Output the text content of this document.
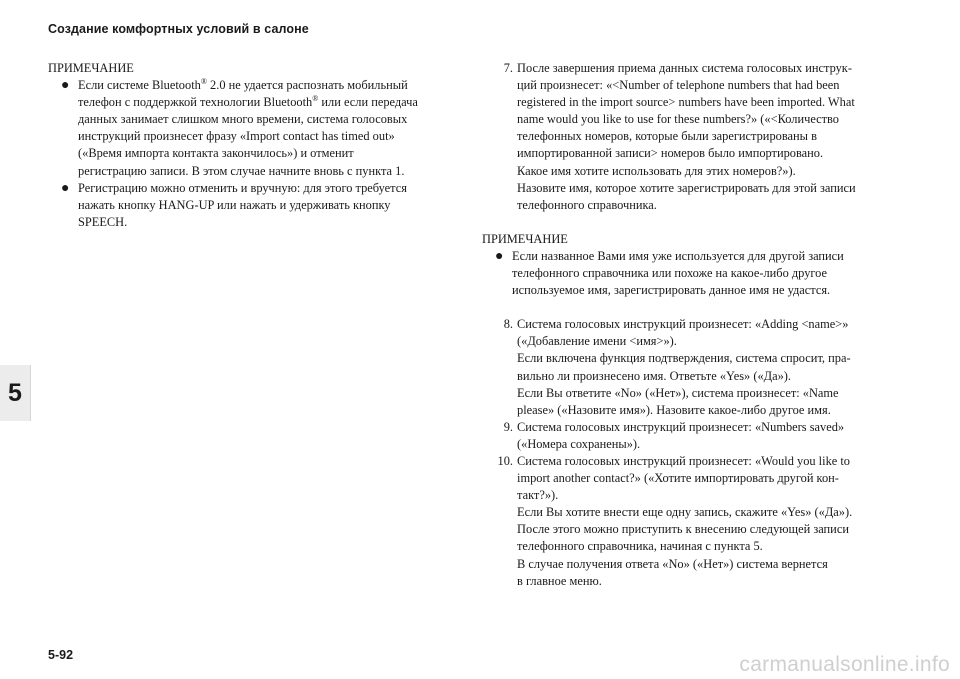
Создание комфортных условий в салоне
5

ПРИМЕЧАНИЕ

● Если системе Bluetooth® 2.0 не удается распознать мобильный
телефон с поддержкой технологии Bluetooth® или если передача
данных занимает слишком много времени, система голосовых
инструкций произнесет фразу «Import contact has timed out»
(«Время импорта контакта закончилось») и отменит
регистрацию записи. В этом случае начните вновь с пункта 1.
● Регистрацию можно отменить и вручную: для этого требуется
нажать кнопку HANG-UP или нажать и удерживать кнопку
SPEECH.
7. После завершения приема данных система голосовых инструк-
ций произнесет: «<Number of telephone numbers that had been
registered in the import source> numbers have been imported. What
name would you like to use for these numbers?» («<Количество
телефонных номеров, которые были зарегистрированы в
импортированной записи> номеров было импортировано.
Какое имя хотите использовать для этих номеров?»).
Назовите имя, которое хотите зарегистрировать для этой записи
телефонного справочника.

ПРИМЕЧАНИЕ

● Если названное Вами имя уже используется для другой записи
телефонного справочника или похоже на какое-либо другое
используемое имя, зарегистрировать данное имя не удастся.
8. Система голосовых инструкций произнесет: «Adding <name>»
(«Добавление имени <имя>»).
Если включена функция подтверждения, система спросит, пра-
вильно ли произнесено имя. Ответьте «Yes» («Да»).
Если Вы ответите «No» («Нет»), система произнесет: «Name
please» («Назовите имя»). Назовите какое-либо другое имя.
9. Система голосовых инструкций произнесет: «Numbers saved»
(«Номера сохранены»).
10. Система голосовых инструкций произнесет: «Would you like to
import another contact?» («Хотите импортировать другой кон-
такт?»).
Если Вы хотите внести еще одну запись, скажите «Yes» («Да»).
После этого можно приступить к внесению следующей записи
телефонного справочника, начиная с пункта 5.
В случае получения ответа «No» («Нет») система вернется
в главное меню.
5-92	carmanualsonline.info
